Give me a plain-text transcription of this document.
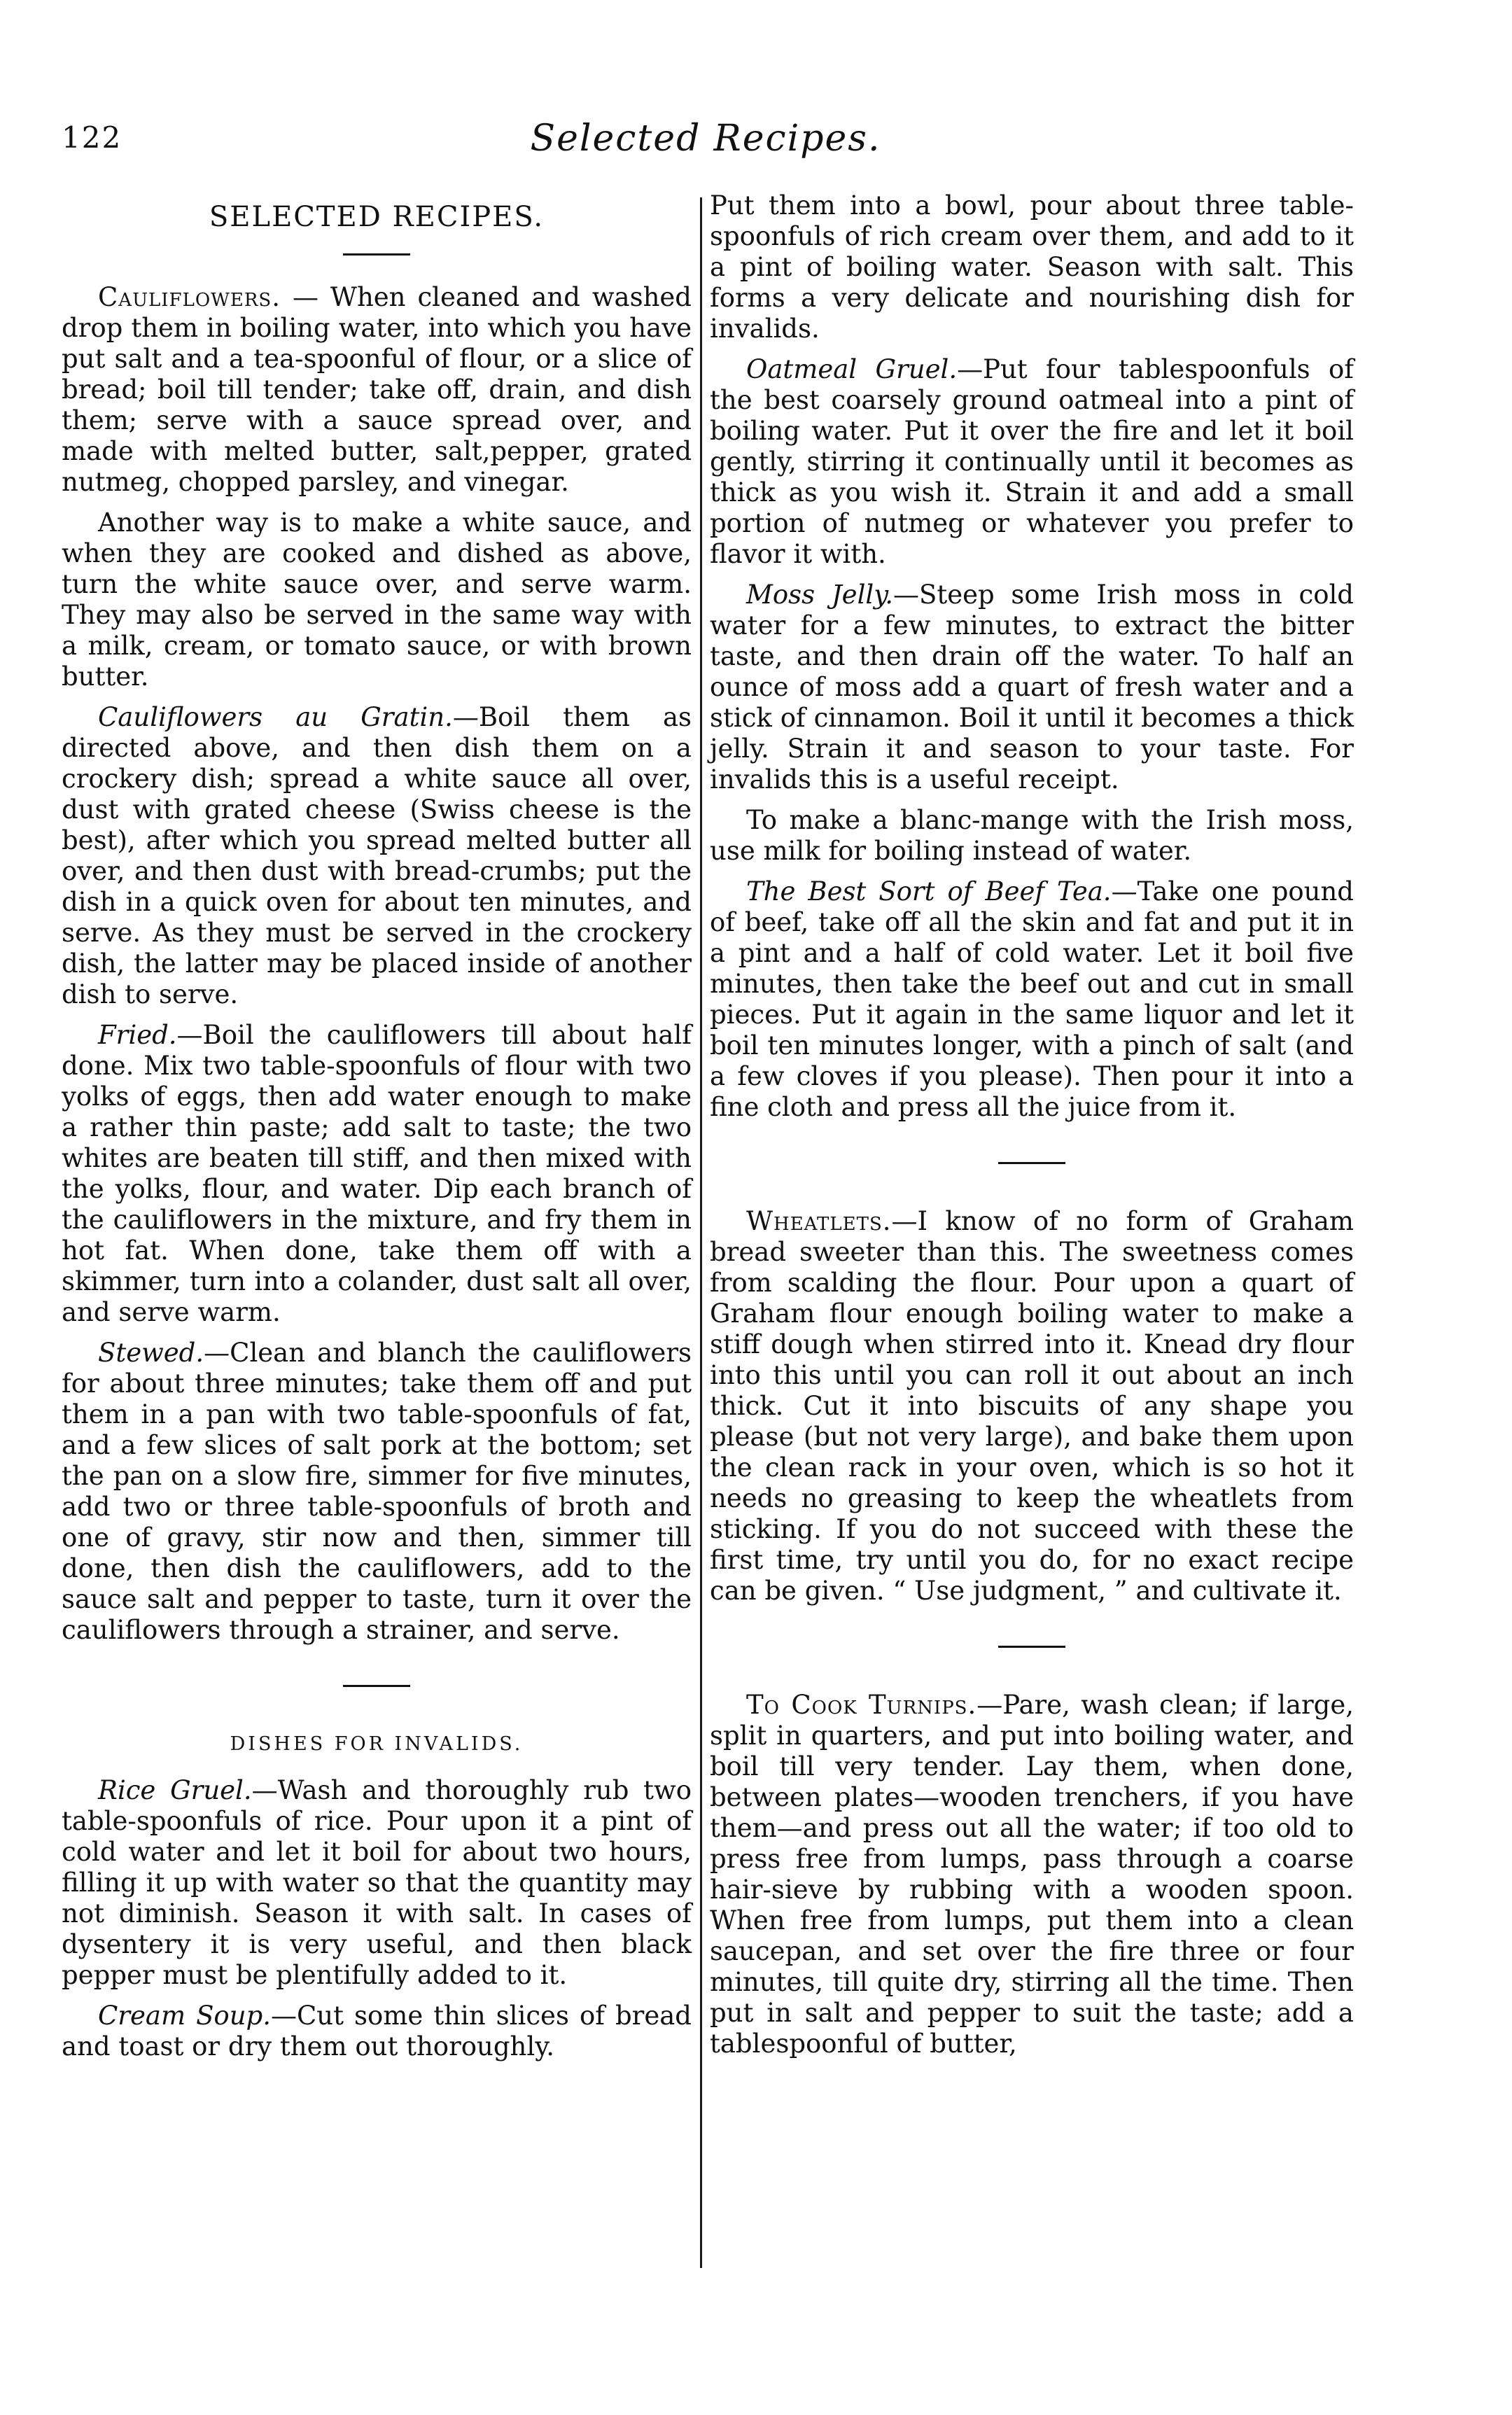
122	Selected Recipes.
SELECTED RECIPES.

Cauliflowers. — When cleaned and washed drop them in boiling water, into which you have put salt and a tea-spoonful of flour, or a slice of bread; boil till tender; take off, drain, and dish them; serve with a sauce spread over, and made with melted butter, salt,pepper, grated nutmeg, chopped parsley, and vinegar.

Another way is to make a white sauce, and when they are cooked and dished as above, turn the white sauce over, and serve warm. They may also be served in the same way with a milk, cream, or tomato sauce, or with brown butter.

Cauliflowers au Gratin.—Boil them as directed above, and then dish them on a crockery dish; spread a white sauce all over, dust with grated cheese (Swiss cheese is the best), after which you spread melted butter all over, and then dust with bread-crumbs; put the dish in a quick oven for about ten minutes, and serve. As they must be served in the crockery dish, the latter may be placed inside of another dish to serve.

Fried.—Boil the cauliflowers till about half done. Mix two table-spoonfuls of flour with two yolks of eggs, then add water enough to make a rather thin paste; add salt to taste; the two whites are beaten till stiff, and then mixed with the yolks, flour, and water. Dip each branch of the cauliflowers in the mixture, and fry them in hot fat. When done, take them off with a skimmer, turn into a colander, dust salt all over, and serve warm.

Stewed.—Clean and blanch the cauliflowers for about three minutes; take them off and put them in a pan with two table-spoonfuls of fat, and a few slices of salt pork at the bottom; set the pan on a slow fire, simmer for five minutes, add two or three table-spoonfuls of broth and one of gravy, stir now and then, simmer till done, then dish the cauliflowers, add to the sauce salt and pepper to taste, turn it over the cauliflowers through a strainer, and serve.

DISHES FOR INVALIDS.

Rice Gruel.—Wash and thoroughly rub two table-spoonfuls of rice. Pour upon it a pint of cold water and let it boil for about two hours, filling it up with water so that the quantity may not diminish. Season it with salt. In cases of dysentery it is very useful, and then black pepper must be plentifully added to it.

Cream Soup.—Cut some thin slices of bread and toast or dry them out thoroughly.

Put them into a bowl, pour about three table-spoonfuls of rich cream over them, and add to it a pint of boiling water. Season with salt. This forms a very delicate and nourishing dish for invalids.

Oatmeal Gruel.—Put four tablespoonfuls of the best coarsely ground oatmeal into a pint of boiling water. Put it over the fire and let it boil gently, stirring it continually until it becomes as thick as you wish it. Strain it and add a small portion of nutmeg or whatever you prefer to flavor it with.

Moss Jelly.—Steep some Irish moss in cold water for a few minutes, to extract the bitter taste, and then drain off the water. To half an ounce of moss add a quart of fresh water and a stick of cinnamon. Boil it until it becomes a thick jelly. Strain it and season to your taste. For invalids this is a useful receipt.

To make a blanc-mange with the Irish moss, use milk for boiling instead of water.

The Best Sort of Beef Tea.—Take one pound of beef, take off all the skin and fat and put it in a pint and a half of cold water. Let it boil five minutes, then take the beef out and cut in small pieces. Put it again in the same liquor and let it boil ten minutes longer, with a pinch of salt (and a few cloves if you please). Then pour it into a fine cloth and press all the juice from it.

Wheatlets.—I know of no form of Graham bread sweeter than this. The sweetness comes from scalding the flour. Pour upon a quart of Graham flour enough boiling water to make a stiff dough when stirred into it. Knead dry flour into this until you can roll it out about an inch thick. Cut it into biscuits of any shape you please (but not very large), and bake them upon the clean rack in your oven, which is so hot it needs no greasing to keep the wheatlets from sticking. If you do not succeed with these the first time, try until you do, for no exact recipe can be given. “ Use judgment, ” and cultivate it.

To Cook Turnips.—Pare, wash clean; if large, split in quarters, and put into boiling water, and boil till very tender. Lay them, when done, between plates—wooden trenchers, if you have them—and press out all the water; if too old to press free from lumps, pass through a coarse hair-sieve by rubbing with a wooden spoon. When free from lumps, put them into a clean saucepan, and set over the fire three or four minutes, till quite dry, stirring all the time. Then put in salt and pepper to suit the taste; add a tablespoonful of butter,
